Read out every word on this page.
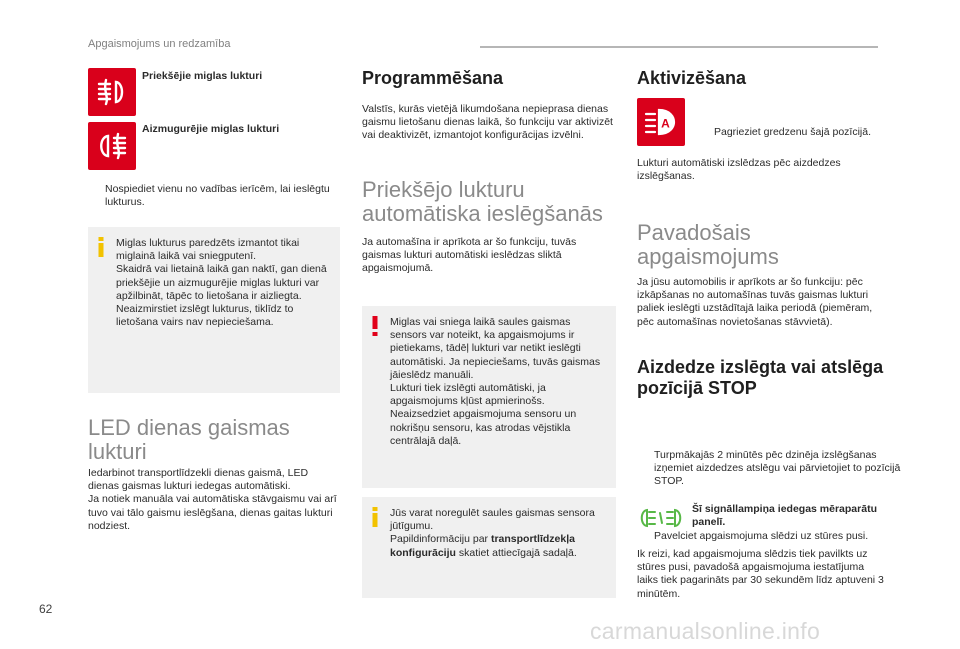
Apgaismojums un redzamība
Priekšējie miglas lukturi
Aizmugurējie miglas lukturi
Nospiediet vienu no vadības ierīcēm, lai ieslēgtu lukturus.
Miglas lukturus paredzēts izmantot tikai miglainā laikā vai sniegputenī.
Skaidrā vai lietainā laikā gan naktī, gan dienā priekšējie un aizmugurējie miglas lukturi var apžilbināt, tāpēc to lietošana ir aizliegta.
Neaizmirstiet izslēgt lukturus, tiklīdz to lietošana vairs nav nepieciešama.
LED dienas gaismas lukturi
Iedarbinot transportlīdzekli dienas gaismā, LED dienas gaismas lukturi iedegas automātiski.
Ja notiek manuāla vai automātiska stāvgaismu vai arī tuvo vai tālo gaismu ieslēgšana, dienas gaitas lukturi nodziest.
Programmēšana
Valstīs, kurās vietējā likumdošana nepieprasa dienas gaismu lietošanu dienas laikā, šo funkciju var aktivizēt vai deaktivizēt, izmantojot konfigurācijas izvēlni.
Priekšējo lukturu automātiska ieslēgšanās
Ja automašīna ir aprīkota ar šo funkciju, tuvās gaismas lukturi automātiski ieslēdzas sliktā apgaismojumā.
Miglas vai sniega laikā saules gaismas sensors var noteikt, ka apgaismojums ir pietiekams, tādēļ lukturi var netikt ieslēgti automātiski. Ja nepieciešams, tuvās gaismas jāieslēdz manuāli.
Lukturi tiek izslēgti automātiski, ja apgaismojums kļūst apmierinošs.
Neaizsedziet apgaismojuma sensoru un nokrišņu sensoru, kas atrodas vējstikla centrālajā daļā.
Jūs varat noregulēt saules gaismas sensora jūtīgumu.
Papildinformāciju par transportlīdzekļa konfigurāciju skatiet attiecīgajā sadaļā.
Aktivizēšana
A
Pagrieziet gredzenu šajā pozīcijā.
Lukturi automātiski izslēdzas pēc aizdedzes izslēgšanas.
Pavadošais apgaismojums
Ja jūsu automobilis ir aprīkots ar šo funkciju: pēc izkāpšanas no automašīnas tuvās gaismas lukturi paliek ieslēgti uzstādītajā laika periodā (piemēram, pēc automašīnas novietošanas stāvvietā).
Aizdedze izslēgta vai atslēga pozīcijā STOP
Turpmākajās 2 minūtēs pēc dzinēja izslēgšanas izņemiet aizdedzes atslēgu vai pārvietojiet to pozīcijā STOP.
Pavelciet apgaismojuma slēdzi uz stūres pusi.
Šī signāllampiņa iedegas mēraparātu panelī.
Ik reizi, kad apgaismojuma slēdzis tiek pavilkts uz stūres pusi, pavadošā apgaismojuma iestatījuma laiks tiek pagarināts par 30 sekundēm līdz aptuveni 3 minūtēm.
62
carmanualsonline.info
